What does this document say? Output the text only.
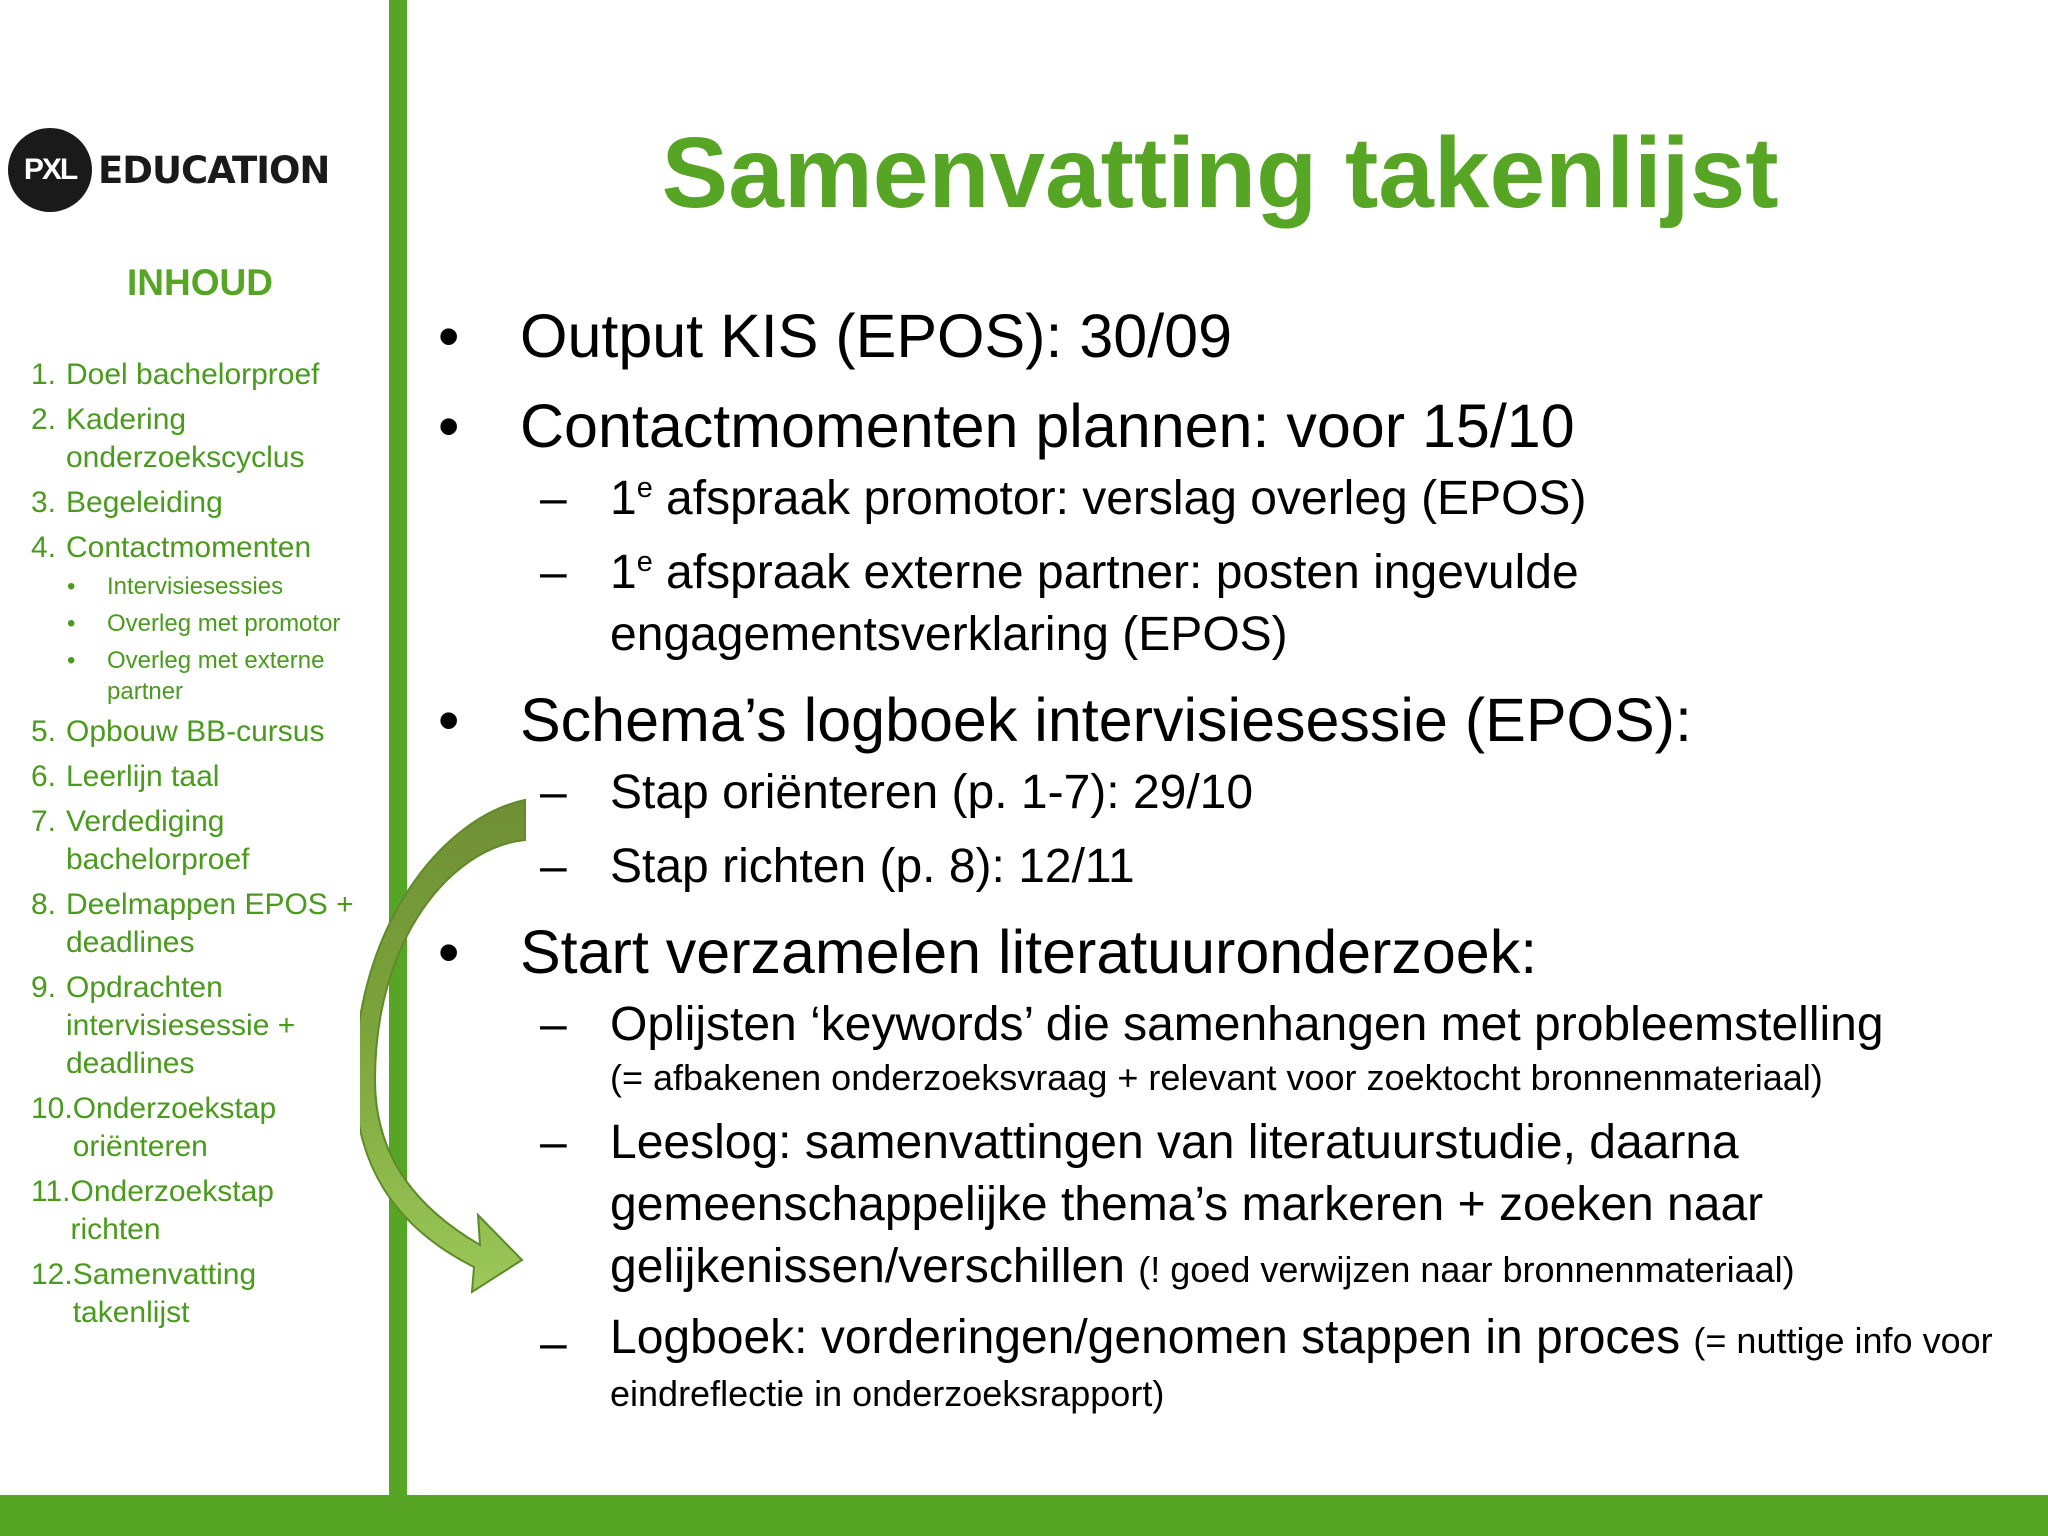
PXL EDUCATION
INHOUD
1. Doel bachelorproef
2. Kadering onderzoekscyclus
3. Begeleiding
4. Contactmomenten
•	Intervisiesessies
•	Overleg met promotor
•	Overleg met externe partner
5. Opbouw BB-cursus
6. Leerlijn taal
7. Verdediging bachelorproef
8. Deelmappen EPOS + deadlines
9. Opdrachten intervisiesessie + deadlines
10. Onderzoekstap oriënteren
11. Onderzoekstap richten
12. Samenvatting takenlijst
Samenvatting takenlijst
• Output KIS (EPOS): 30/09
• Contactmomenten plannen: voor 15/10
– 1e afspraak promotor: verslag overleg (EPOS)
– 1e afspraak externe partner: posten ingevulde engagementsverklaring (EPOS)
• Schema’s logboek intervisiesessie (EPOS):
– Stap oriënteren (p. 1-7): 29/10
– Stap richten (p. 8): 12/11
• Start verzamelen literatuuronderzoek:
– Oplijsten ‘keywords’ die samenhangen met probleemstelling
(= afbakenen onderzoeksvraag + relevant voor zoektocht bronnenmateriaal)
– Leeslog: samenvattingen van literatuurstudie, daarna gemeenschappelijke thema’s markeren + zoeken naar gelijkenissen/verschillen (! goed verwijzen naar bronnenmateriaal)
– Logboek: vorderingen/genomen stappen in proces (= nuttige info voor eindreflectie in onderzoeksrapport)
